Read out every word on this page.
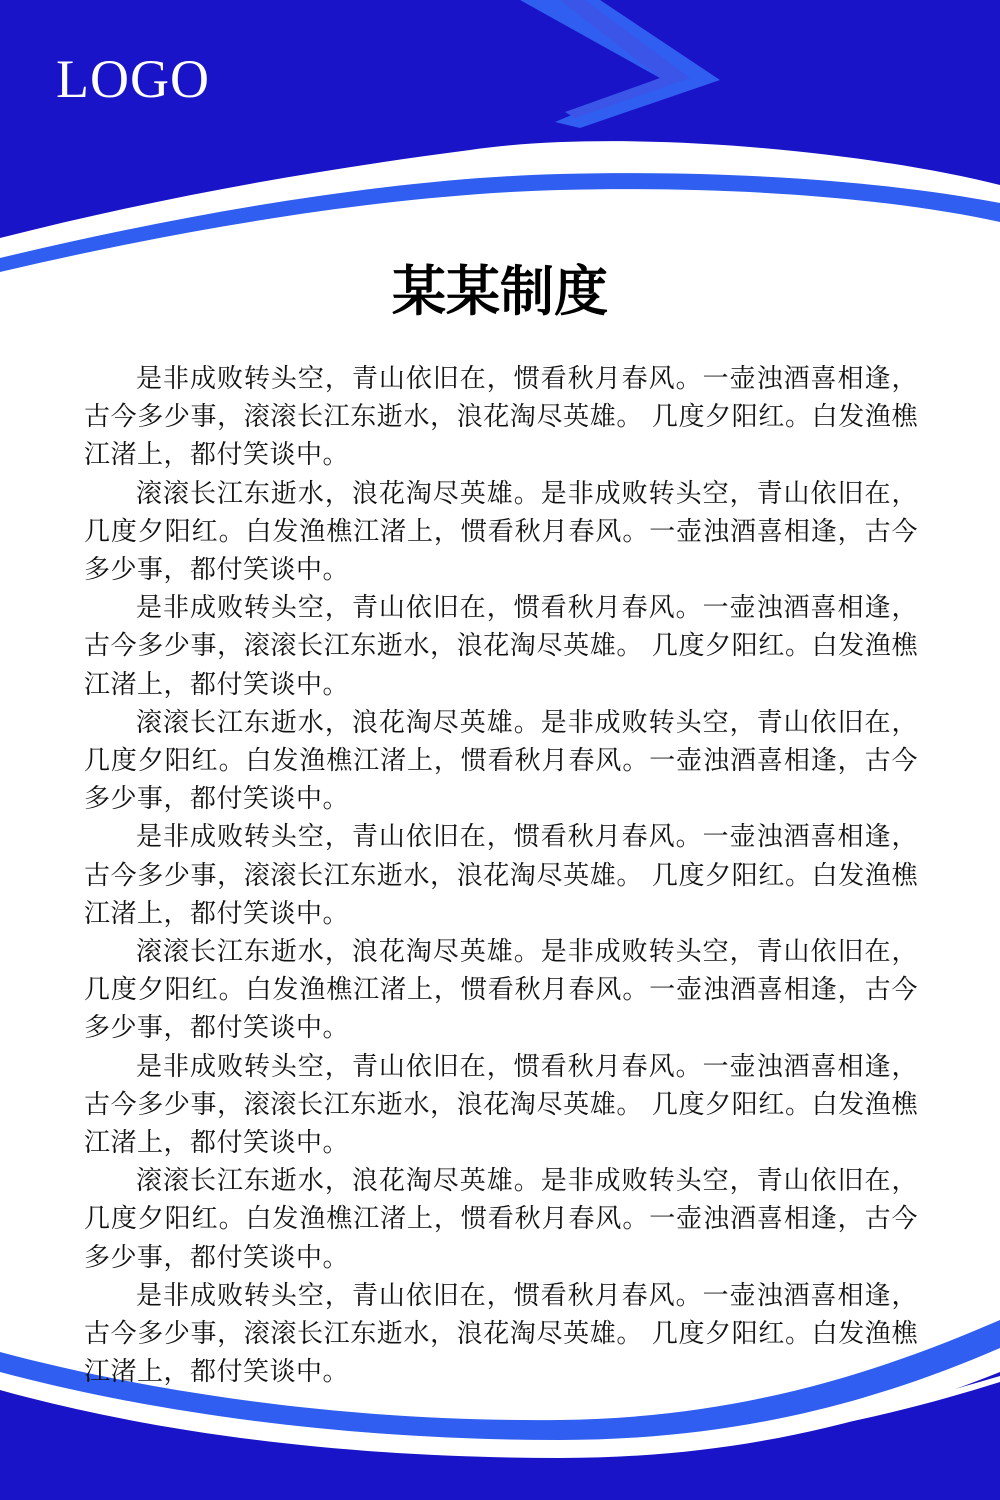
LOGO
某某制度

是非成败转头空，青山依旧在，惯看秋月春风。一壶浊酒喜相逢，古今多少事，滚滚长江东逝水，浪花淘尽英雄。 几度夕阳红。白发渔樵江渚上，都付笑谈中。

滚滚长江东逝水，浪花淘尽英雄。是非成败转头空，青山依旧在，几度夕阳红。白发渔樵江渚上，惯看秋月春风。一壶浊酒喜相逢，古今多少事，都付笑谈中。

是非成败转头空，青山依旧在，惯看秋月春风。一壶浊酒喜相逢，古今多少事，滚滚长江东逝水，浪花淘尽英雄。 几度夕阳红。白发渔樵江渚上，都付笑谈中。

滚滚长江东逝水，浪花淘尽英雄。是非成败转头空，青山依旧在，几度夕阳红。白发渔樵江渚上，惯看秋月春风。一壶浊酒喜相逢，古今多少事，都付笑谈中。

是非成败转头空，青山依旧在，惯看秋月春风。一壶浊酒喜相逢，古今多少事，滚滚长江东逝水，浪花淘尽英雄。 几度夕阳红。白发渔樵江渚上，都付笑谈中。

滚滚长江东逝水，浪花淘尽英雄。是非成败转头空，青山依旧在，几度夕阳红。白发渔樵江渚上，惯看秋月春风。一壶浊酒喜相逢，古今多少事，都付笑谈中。

是非成败转头空，青山依旧在，惯看秋月春风。一壶浊酒喜相逢，古今多少事，滚滚长江东逝水，浪花淘尽英雄。 几度夕阳红。白发渔樵江渚上，都付笑谈中。

滚滚长江东逝水，浪花淘尽英雄。是非成败转头空，青山依旧在，几度夕阳红。白发渔樵江渚上，惯看秋月春风。一壶浊酒喜相逢，古今多少事，都付笑谈中。

是非成败转头空，青山依旧在，惯看秋月春风。一壶浊酒喜相逢，古今多少事，滚滚长江东逝水，浪花淘尽英雄。 几度夕阳红。白发渔樵江渚上，都付笑谈中。
